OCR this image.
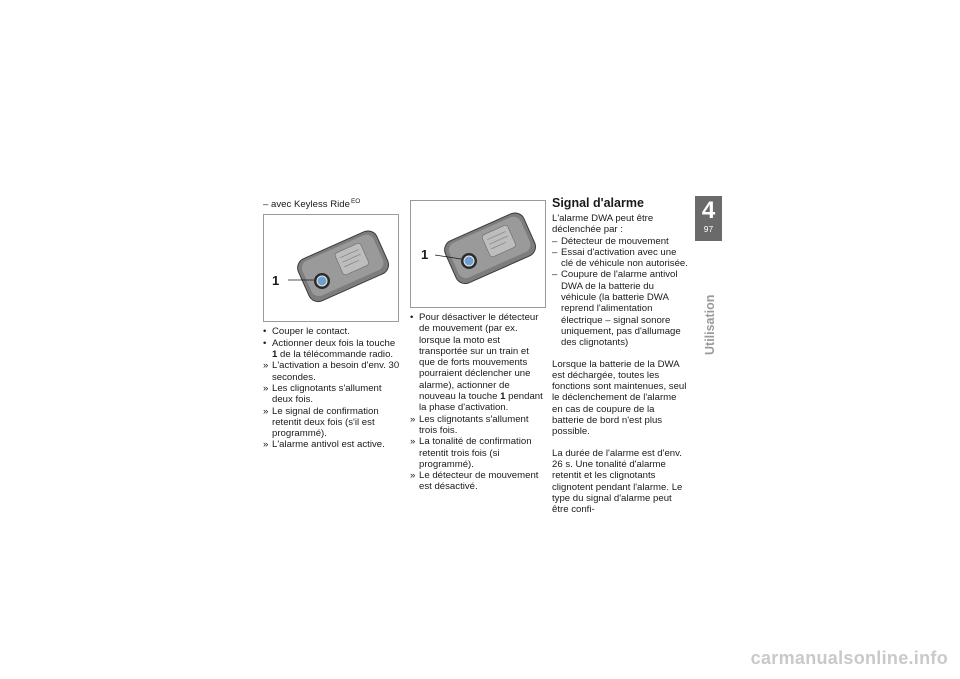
– avec Keyless Ride$^{EO}$
1
• Couper le contact.
• Actionner deux fois la touche 1 de la télécommande radio.
» L'activation a besoin d'env. 30 secondes.
» Les clignotants s'allument deux fois.
» Le signal de confirmation retentit deux fois (s'il est programmé).
» L'alarme antivol est active.
1
• Pour désactiver le détecteur de mouvement (par ex. lorsque la moto est transportée sur un train et que de forts mouvements pourraient déclencher une alarme), actionner de nouveau la touche 1 pendant la phase d'activation.
» Les clignotants s'allument trois fois.
» La tonalité de confirmation retentit trois fois (si programmé).
» Le détecteur de mouvement est désactivé.
Signal d'alarme

L'alarme DWA peut être déclenchée par :

– Détecteur de mouvement
– Essai d'activation avec une clé de véhicule non autorisée.
– Coupure de l'alarme antivol DWA de la batterie du véhicule (la batterie DWA reprend l'alimentation électrique – signal sonore uniquement, pas d'allumage des clignotants)

Lorsque la batterie de la DWA est déchargée, toutes les fonctions sont maintenues, seul le déclenchement de l'alarme en cas de coupure de la batterie de bord n'est plus possible.

La durée de l'alarme est d'env. 26 s. Une tonalité d'alarme retentit et les clignotants clignotent pendant l'alarme. Le type du signal d'alarme peut être confi-

4
97
Utilisation
carmanualsonline.info
